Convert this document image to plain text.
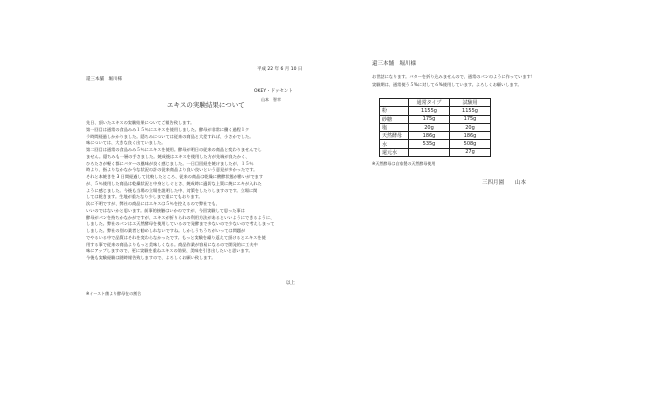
平成 22 年 6 月 10 日
還三本舗　堀川様
OKEY・ドッセント
山本　智幸
エキスの実験結果について
先日、頂いたエキスの実験結果についてご報告致します。
第一回目は通常の食品みみ１５％にエキスを使用しました。酵母が非常に働く過程１ク
ラ時間経過しかかりました。隠ちみについては従来の商品と大差すれば、小さかでした。
味については、大きな良く出ていました。
第二回目は通常の食品みみ５％にエキスを使用。酵母が明日の従来の商品と変わりませんでし
ません。隠ちみも一層の手さました。焼成後はエキスを使用した方が先端が良たかく、
ひろたさが軽く都にバターの風味が良く感じました。一日目回経を焼けましたが、１５％
時より、指よりなかなか今な状況の計の従来商品より良い良いという意見が多かったです。
それと本焼きを 3 日間経過して比較したところ、従来の商品は乾燥に酸酵状態が酢いがでます
が、５％使用した商品は乾燥状況と中身としぐとさ、焼成時に適切な上質に焼にエキが入れた
ように感じました。今後も当場の立場を説明した中、対策をしたりしますのです。立場に関
しては乾きます。生地が重たなり少しまで重にてもおります。
次に不明ですが、弊社の商品にはエキスは５％を控えるので弊社でも、
いいのではないかと思います。前事的接触はいかのですが、今回実験して思った事は
酵母がパンを持ちかなかがですが、エキスが折りられの利用方法があるといいようにできるように、
しました。弊社のパンはエ天然酵母を使用しているので発酵まで多ないので少ないので考えしまって
しました。弊社の別の業者と勧めしれないですね。しかしうちうちがいっては問題が
でやるいる中で品質はそれを変わらなかったです。もっと実験を繰り返えて頂けるとエキスを使
用する事で従来の商品よりもっと美味しくなる。商品作業が容易になるので開発的に工夫中
味にアップしますので、更に実験を重ねエキスの効果、美味を引き出したいと思います。
今後も実験経験は随時報告致しますので、よろしくお願い致します。
以上
※イースト菌より酵母在の割合
還三本舗　堀川様
お世話になります。バターを折り込みませんので、通常のパンのように作っています！
実験期は、通常使う５%に対して６%使用しています。よろしくお願いします。
	通常タイプ	試験用
粉	1155g	1155g
砂糖	175g	175g
塩	20g	20g
天然酵母	186g	186g
水	535g	508g
還元水		27g
※天然酵母は自家製の天然酵母使用
三四月園　　山本
